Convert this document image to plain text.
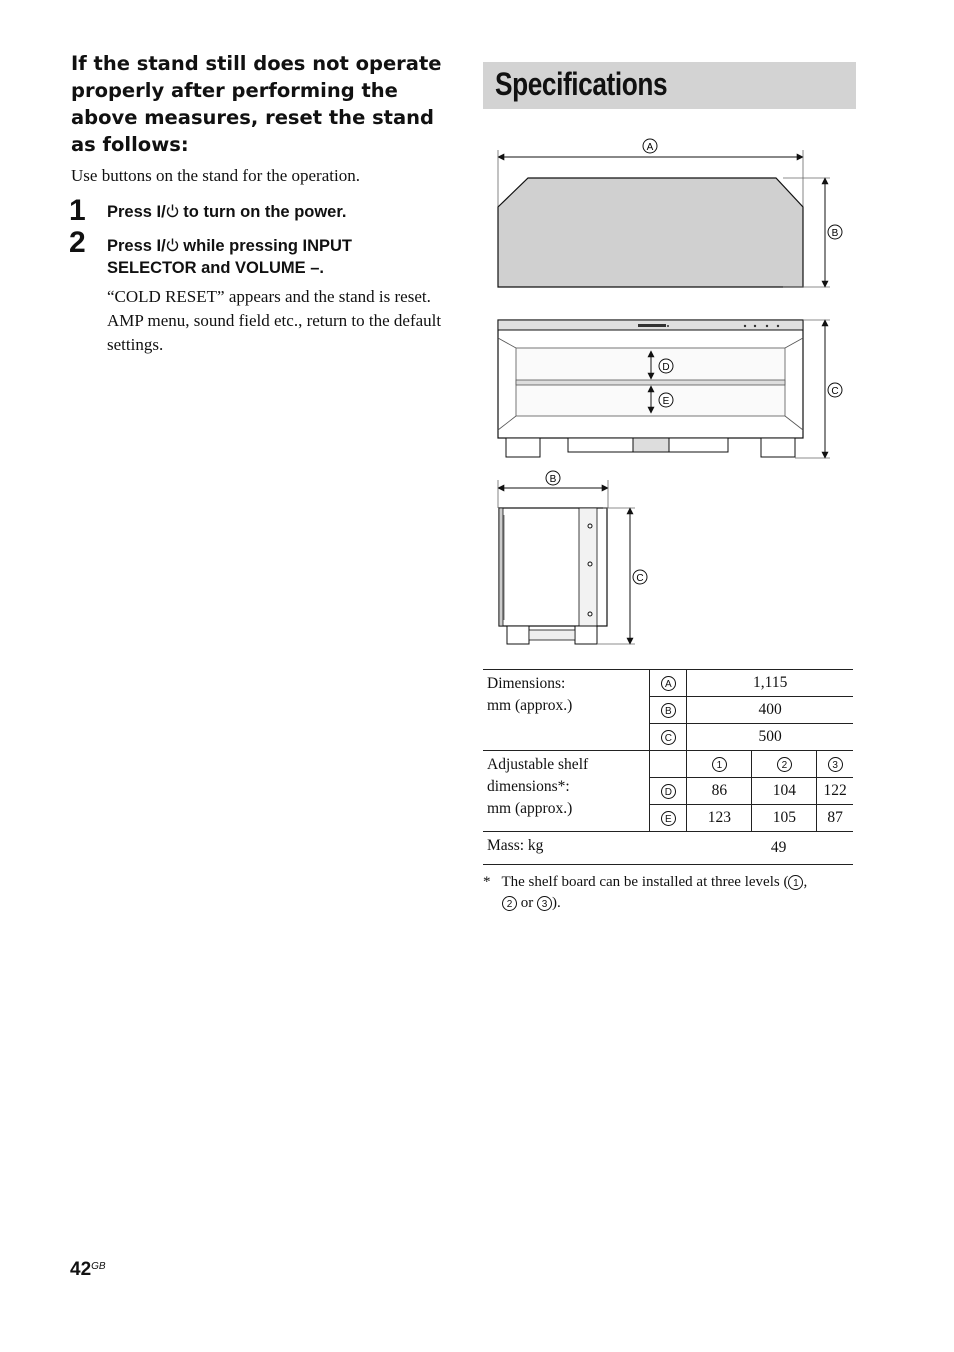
If the stand still does not operate properly after performing the above measures, reset the stand as follows:
Use buttons on the stand for the operation.
1 Press I/ to turn on the power.
2 Press I/ while pressing INPUT SELECTOR and VOLUME –.
“COLD RESET” appears and the stand is reset. AMP menu, sound field etc., return to the default settings.
Specifications
A
B
D
E
C
B
C
Dimensions:
mm (approx.)	A	1,115		
	B	400		
	C	500		
Adjustable shelf
dimensions*:
mm (approx.)		1	2	3
	D	86	104	122
	E	123	105	87
Mass: kg		49		
* The shelf board can be installed at three levels ( 1 ,
2 or 3 ).
$42^{GB}$
